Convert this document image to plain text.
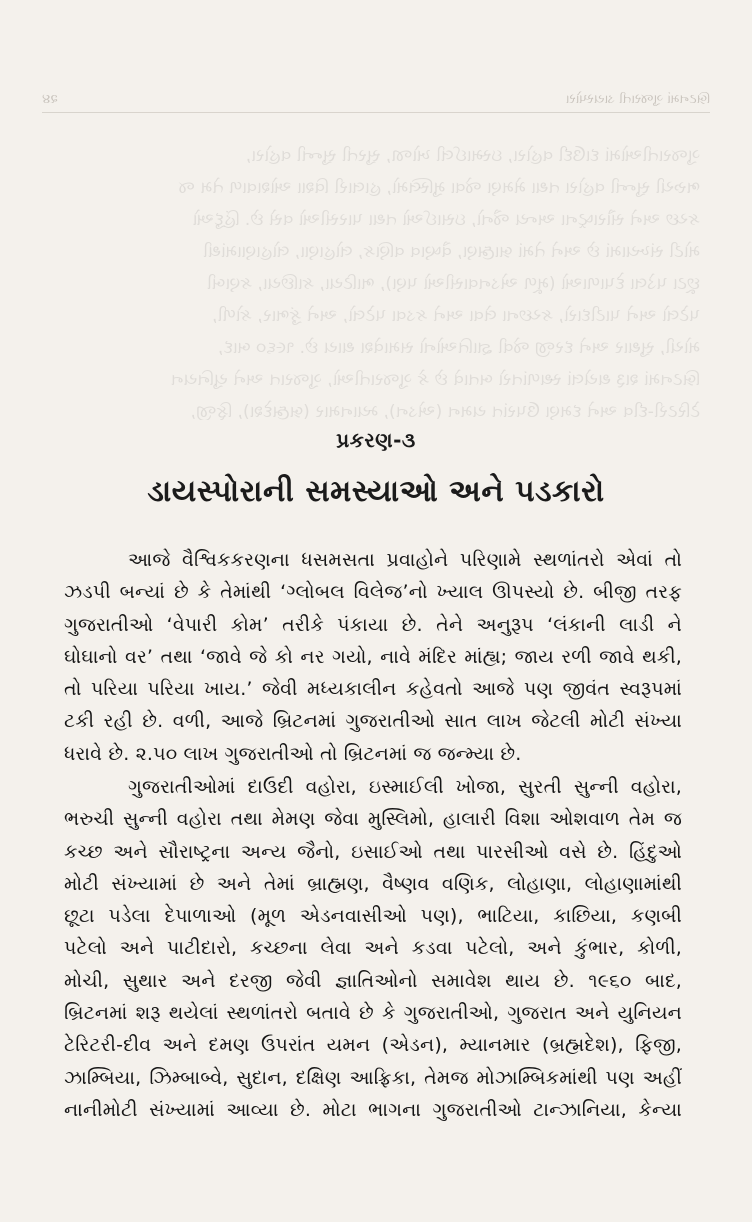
બ્રિટનમાં ગુજરાતી ડાયસ્પોરા
૨૪
ગુજરાતીઓમાં દાઉદી વહોરા, ઇસ્માઈલી ખોજા, સુરતી સુન્ની વહોરા,
ભરુચી સુન્ની વહોરા તથા મેમણ જેવા મુસ્લિમો, હાલારી વિશા ઓશવાળ તેમ જ
કચ્છ અને સૌરાષ્ટ્રના અન્ય જૈનો, ઇસાઈઓ તથા પારસીઓ વસે છે. હિંદુઓ
મોટી સંખ્યામાં છે અને તેમાં બ્રાહ્મણ, વૈષ્ણવ વણિક, લોહાણા, લોહાણામાંથી
છૂટા પડેલા દેપાળાઓ (મૂળ એડનવાસીઓ પણ), ભાટિયા, કાછિયા, કણબી
પટેલો અને પાટીદારો, કચ્છના લેવા અને કડવા પટેલો, અને કુંભાર, કોળી,
મોચી, સુથાર અને દરજી જેવી જ્ઞાતિઓનો સમાવેશ થાય છે. ૧૯૬૦ બાદ,
બ્રિટનમાં શરૂ થયેલાં સ્થળાંતરો બતાવે છે કે ગુજરાતીઓ, ગુજરાત અને યુનિયન
ટેરિટરી-દીવ અને દમણ ઉપરાંત યમન (એડન), મ્યાનમાર (બ્રહ્મદેશ), ફિજી,
પ્રકરણ-૩
ડાયસ્પોરાની સમસ્યાઓ અને પડકારો
આજે વૈશ્વિકકરણના ધસમસતા પ્રવાહોને પરિણામે સ્થળાંતરો એવાં તો
ઝડપી બન્યાં છે કે તેમાંથી ‘ગ્લોબલ વિલેજ’નો ખ્યાલ ઊપસ્યો છે. બીજી તરફ
ગુજરાતીઓ ‘વેપારી કોમ’ તરીકે પંકાયા છે. તેને અનુરૂપ ‘લંકાની લાડી ને
ઘોઘાનો વર’ તથા ‘જાવે જે કો નર ગયો, નાવે મંદિર માંહ્ય; જાય રળી જાવે થકી,
તો પરિયા પરિયા ખાય.’ જેવી મધ્યકાલીન કહેવતો આજે પણ જીવંત સ્વરૂપમાં
ટકી રહી છે. વળી, આજે બ્રિટનમાં ગુજરાતીઓ સાત લાખ જેટલી મોટી સંખ્યા
ધરાવે છે. ૨.૫૦ લાખ ગુજરાતીઓ તો બ્રિટનમાં જ જન્મ્યા છે.
ગુજરાતીઓમાં દાઉદી વહોરા, ઇસ્માઈલી ખોજા, સુરતી સુન્ની વહોરા,
ભરુચી સુન્ની વહોરા તથા મેમણ જેવા મુસ્લિમો, હાલારી વિશા ઓશવાળ તેમ જ
કચ્છ અને સૌરાષ્ટ્રના અન્ય જૈનો, ઇસાઈઓ તથા પારસીઓ વસે છે. હિંદુઓ
મોટી સંખ્યામાં છે અને તેમાં બ્રાહ્મણ, વૈષ્ણવ વણિક, લોહાણા, લોહાણામાંથી
છૂટા પડેલા દેપાળાઓ (મૂળ એડનવાસીઓ પણ), ભાટિયા, કાછિયા, કણબી
પટેલો અને પાટીદારો, કચ્છના લેવા અને કડવા પટેલો, અને કુંભાર, કોળી,
મોચી, સુથાર અને દરજી જેવી જ્ઞાતિઓનો સમાવેશ થાય છે. ૧૯૬૦ બાદ,
બ્રિટનમાં શરૂ થયેલાં સ્થળાંતરો બતાવે છે કે ગુજરાતીઓ, ગુજરાત અને યુનિયન
ટેરિટરી-દીવ અને દમણ ઉપરાંત યમન (એડન), મ્યાનમાર (બ્રહ્મદેશ), ફિજી,
ઝામ્બિયા, ઝિમ્બાબ્વે, સુદાન, દક્ષિણ આફ્રિકા, તેમજ મોઝામ્બિકમાંથી પણ અહીં
નાનીમોટી સંખ્યામાં આવ્યા છે. મોટા ભાગના ગુજરાતીઓ ટાન્ઝાનિયા, કેન્યા
